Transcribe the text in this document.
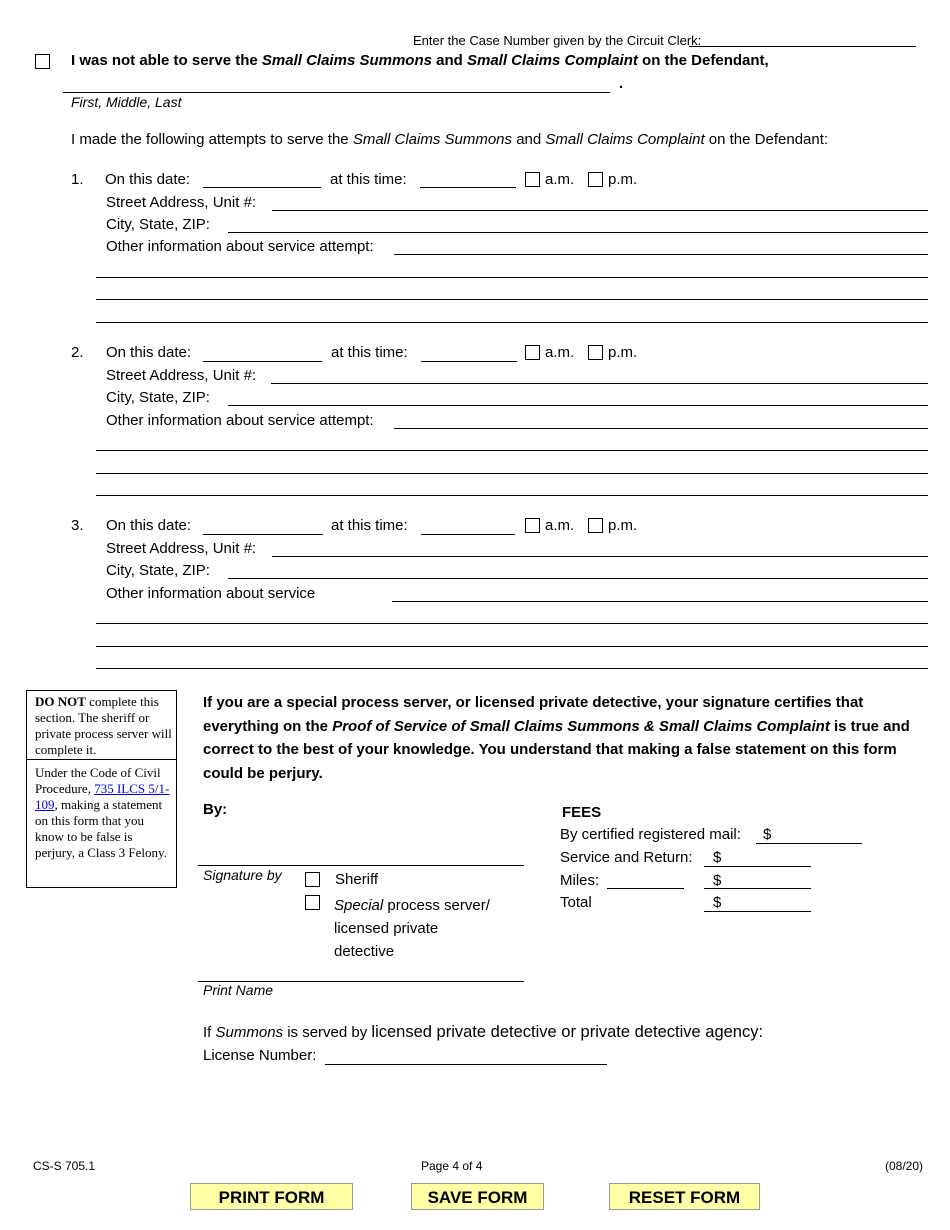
Enter the Case Number given by the Circuit Clerk:
I was not able to serve the Small Claims Summons and Small Claims Complaint on the Defendant,
.
First, Middle, Last
I made the following attempts to serve the Small Claims Summons and Small Claims Complaint on the Defendant:
1. On this date:	at this time:	a.m. p.m.
Street Address, Unit #:
City, State, ZIP:
Other information about service attempt:
2. On this date:	at this time:	a.m. p.m.
Street Address, Unit #:
City, State, ZIP:
Other information about service attempt:
3. On this date:	at this time:	a.m. p.m.
Street Address, Unit #:
City, State, ZIP:
Other information about service
DO NOT complete this section. The sheriff or private process server will complete it.
Under the Code of Civil Procedure, 735 ILCS 5/1-109, making a statement on this form that you know to be false is perjury, a Class 3 Felony.
If you are a special process server, or licensed private detective, your signature certifies that everything on the Proof of Service of Small Claims Summons & Small Claims Complaint is true and correct to the best of your knowledge. You understand that making a false statement on this form could be perjury.
By:
Signature by	Sheriff
Special process server/
licensed private
detective
Print Name
FEES
By certified registered mail: $
Service and Return: $
Miles:	$
Total	$
If Summons is served by licensed private detective or private detective agency:
License Number:
CS-S 705.1	Page 4 of 4	(08/20)
PRINT FORM	SAVE FORM	RESET FORM
